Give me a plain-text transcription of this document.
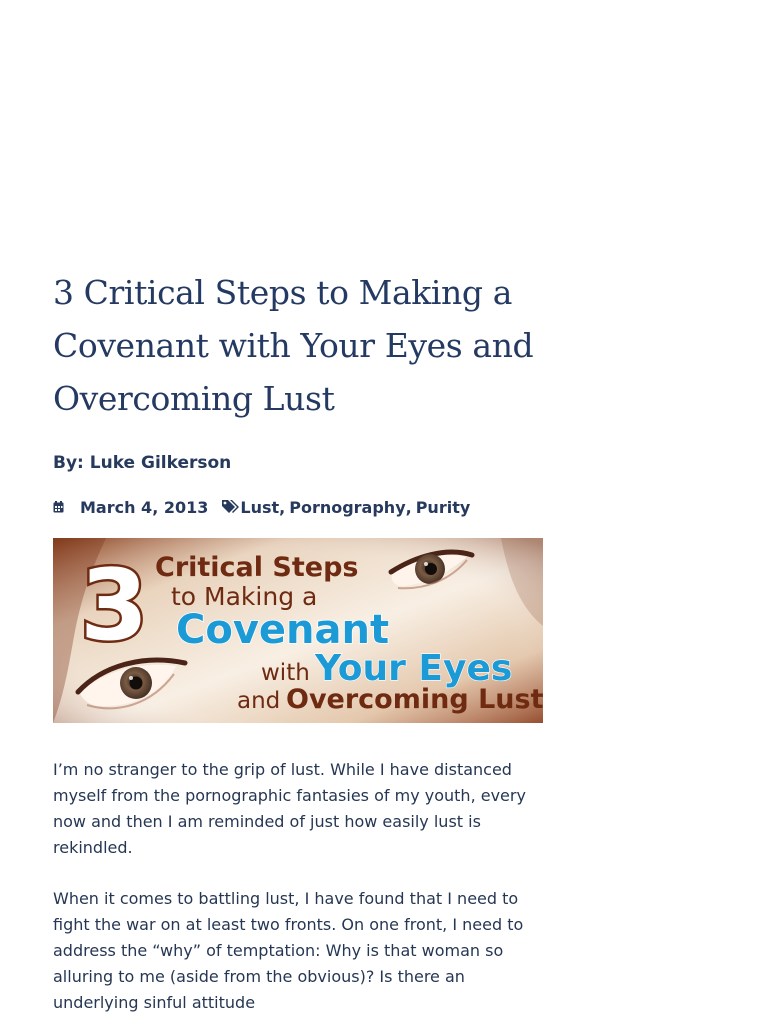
3 Critical Steps to Making a Covenant with Your Eyes and Overcoming Lust
By: Luke Gilkerson
March 4, 2013 Lust , Pornography , Purity
3 Critical Steps
to Making a
Covenant
with Your Eyes
and Overcoming Lust

I’m no stranger to the grip of lust. While I have distanced myself from the pornographic fantasies of my youth, every now and then I am reminded of just how easily lust is rekindled.

When it comes to battling lust, I have found that I need to fight the war on at least two fronts. On one front, I need to address the “why” of temptation: Why is that woman so alluring to me (aside from the obvious)? Is there an underlying sinful attitude
